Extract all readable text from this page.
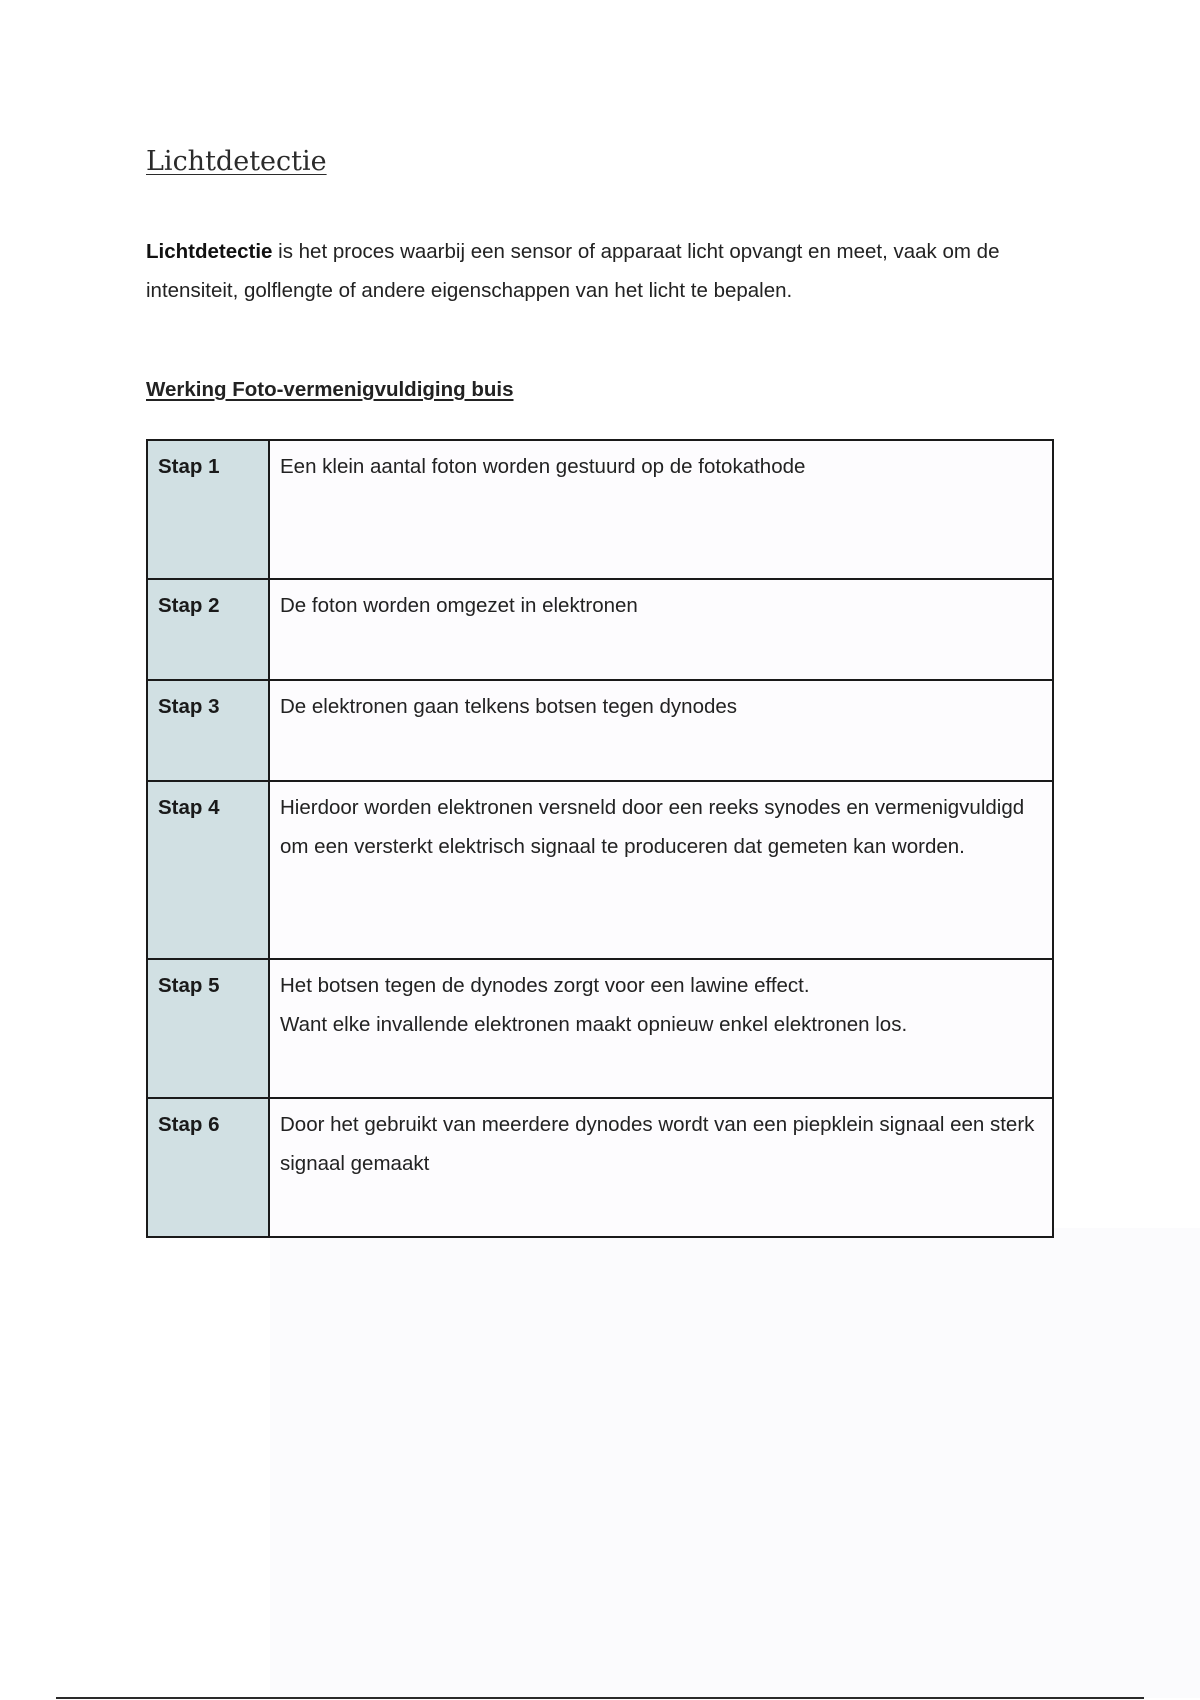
Lichtdetectie

Lichtdetectie is het proces waarbij een sensor of apparaat licht opvangt en meet, vaak om de intensiteit, golflengte of andere eigenschappen van het licht te bepalen.

Werking Foto-vermenigvuldiging buis
Stap 1	Een klein aantal foton worden gestuurd op de fotokathode

Stap 2	De foton worden omgezet in elektronen

Stap 3	De elektronen gaan telkens botsen tegen dynodes

Stap 4	Hierdoor worden elektronen versneld door een reeks synodes en vermenigvuldigd om een versterkt elektrisch signaal te produceren dat gemeten kan worden.

Stap 5	Het botsen tegen de dynodes zorgt voor een lawine effect.
Want elke invallende elektronen maakt opnieuw enkel elektronen los.

Stap 6	Door het gebruikt van meerdere dynodes wordt van een piepklein signaal een sterk signaal gemaakt
